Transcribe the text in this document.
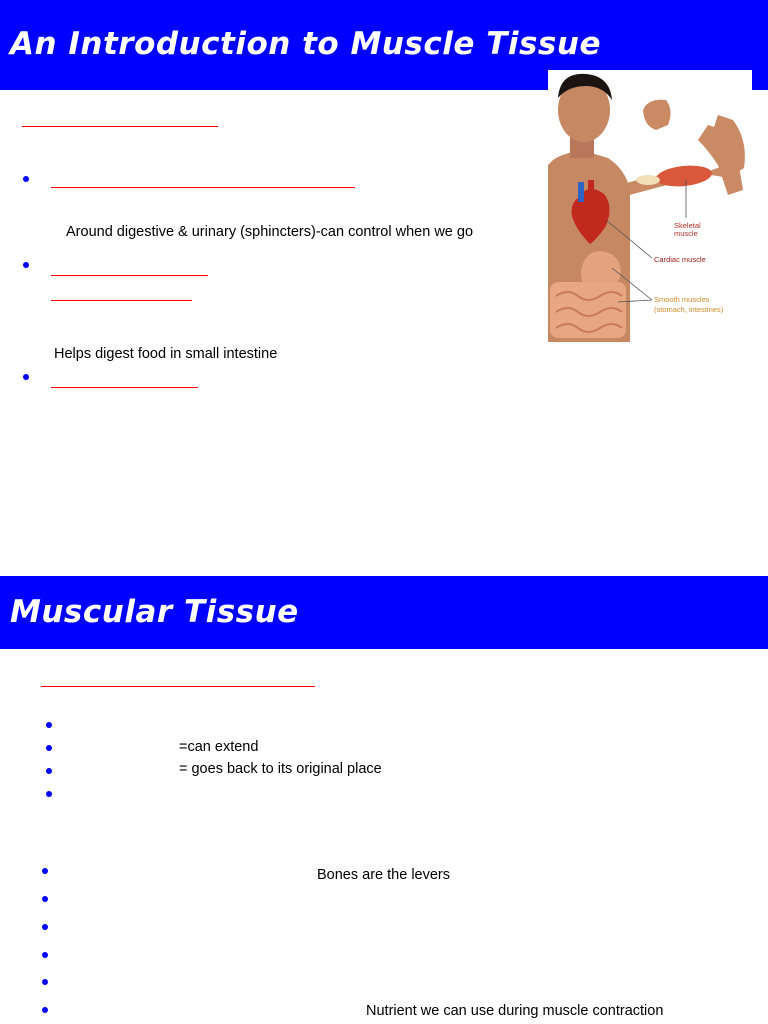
An Introduction to Muscle Tissue
Around digestive & urinary (sphincters)-can control when we go
Helps digest food in small intestine
Skeletal
muscle
Cardiac muscle
Smooth muscles
(stomach, intestines)
Muscular Tissue
=can extend
= goes back to its original place
Bones are the levers
Nutrient we can use during muscle contraction
